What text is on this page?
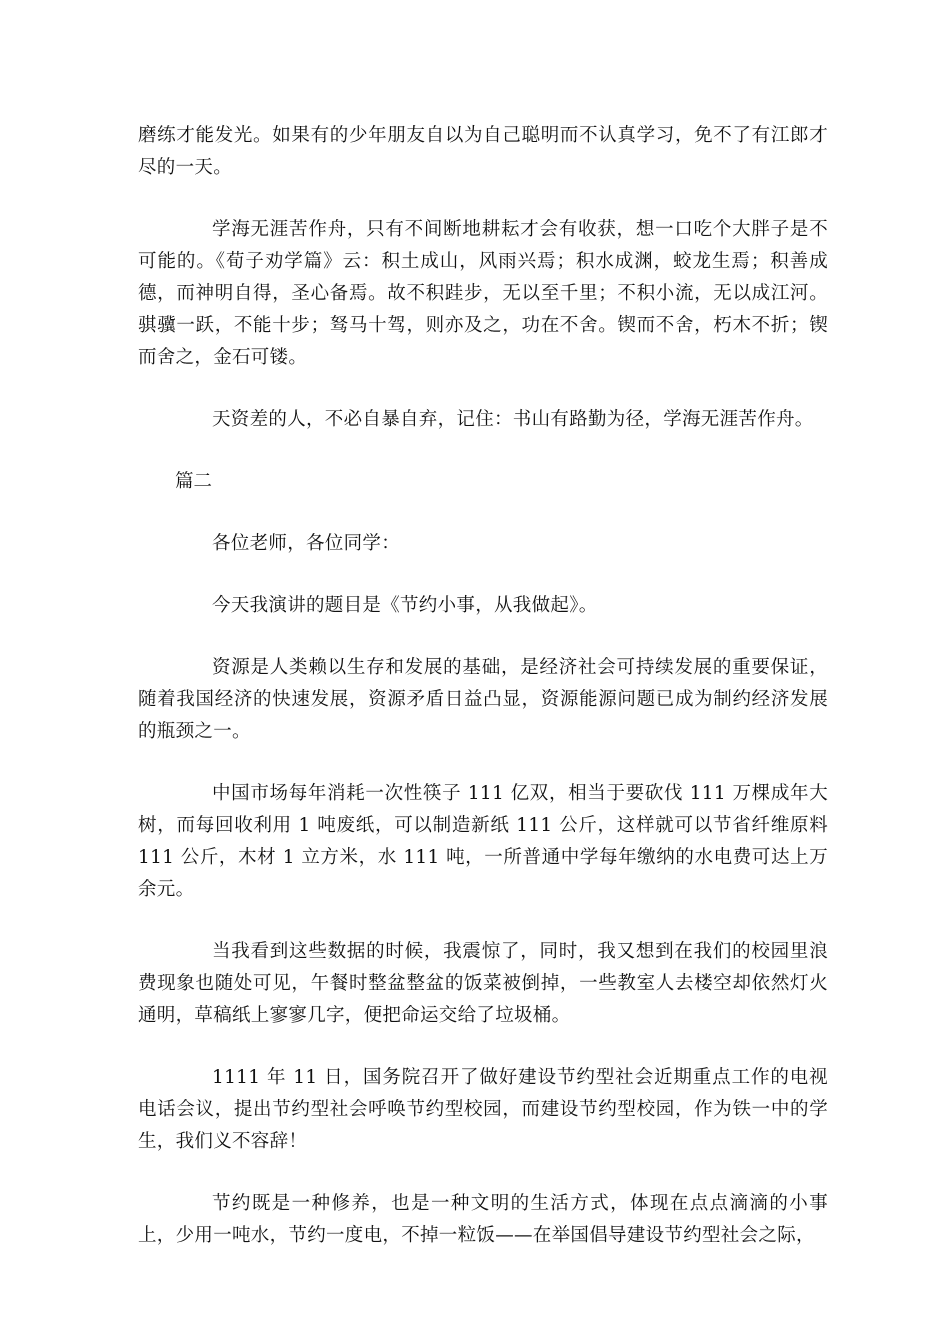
磨练才能发光。如果有的少年朋友自以为自己聪明而不认真学习，免不了有江郎才尽的一天。

学海无涯苦作舟，只有不间断地耕耘才会有收获，想一口吃个大胖子是不可能的。《荀子劝学篇》云：积土成山，风雨兴焉；积水成渊，蛟龙生焉；积善成德，而神明自得，圣心备焉。故不积跬步，无以至千里；不积小流，无以成江河。骐骥一跃，不能十步；驽马十驾，则亦及之，功在不舍。锲而不舍，朽木不折；锲而舍之，金石可镂。

天资差的人，不必自暴自弃，记住：书山有路勤为径，学海无涯苦作舟。

篇二

各位老师，各位同学：

今天我演讲的题目是《节约小事，从我做起》。

资源是人类赖以生存和发展的基础，是经济社会可持续发展的重要保证，随着我国经济的快速发展，资源矛盾日益凸显，资源能源问题已成为制约经济发展的瓶颈之一。

中国市场每年消耗一次性筷子 111 亿双，相当于要砍伐 111 万棵成年大树，而每回收利用 1 吨废纸，可以制造新纸 111 公斤，这样就可以节省纤维原料 111 公斤，木材 1 立方米，水 111 吨，一所普通中学每年缴纳的水电费可达上万余元。

当我看到这些数据的时候，我震惊了，同时，我又想到在我们的校园里浪费现象也随处可见，午餐时整盆整盆的饭菜被倒掉，一些教室人去楼空却依然灯火通明，草稿纸上寥寥几字，便把命运交给了垃圾桶。

1111 年 11 日，国务院召开了做好建设节约型社会近期重点工作的电视电话会议，提出节约型社会呼唤节约型校园，而建设节约型校园，作为铁一中的学生，我们义不容辞！

节约既是一种修养，也是一种文明的生活方式，体现在点点滴滴的小事上，少用一吨水，节约一度电，不掉一粒饭——在举国倡导建设节约型社会之际，
